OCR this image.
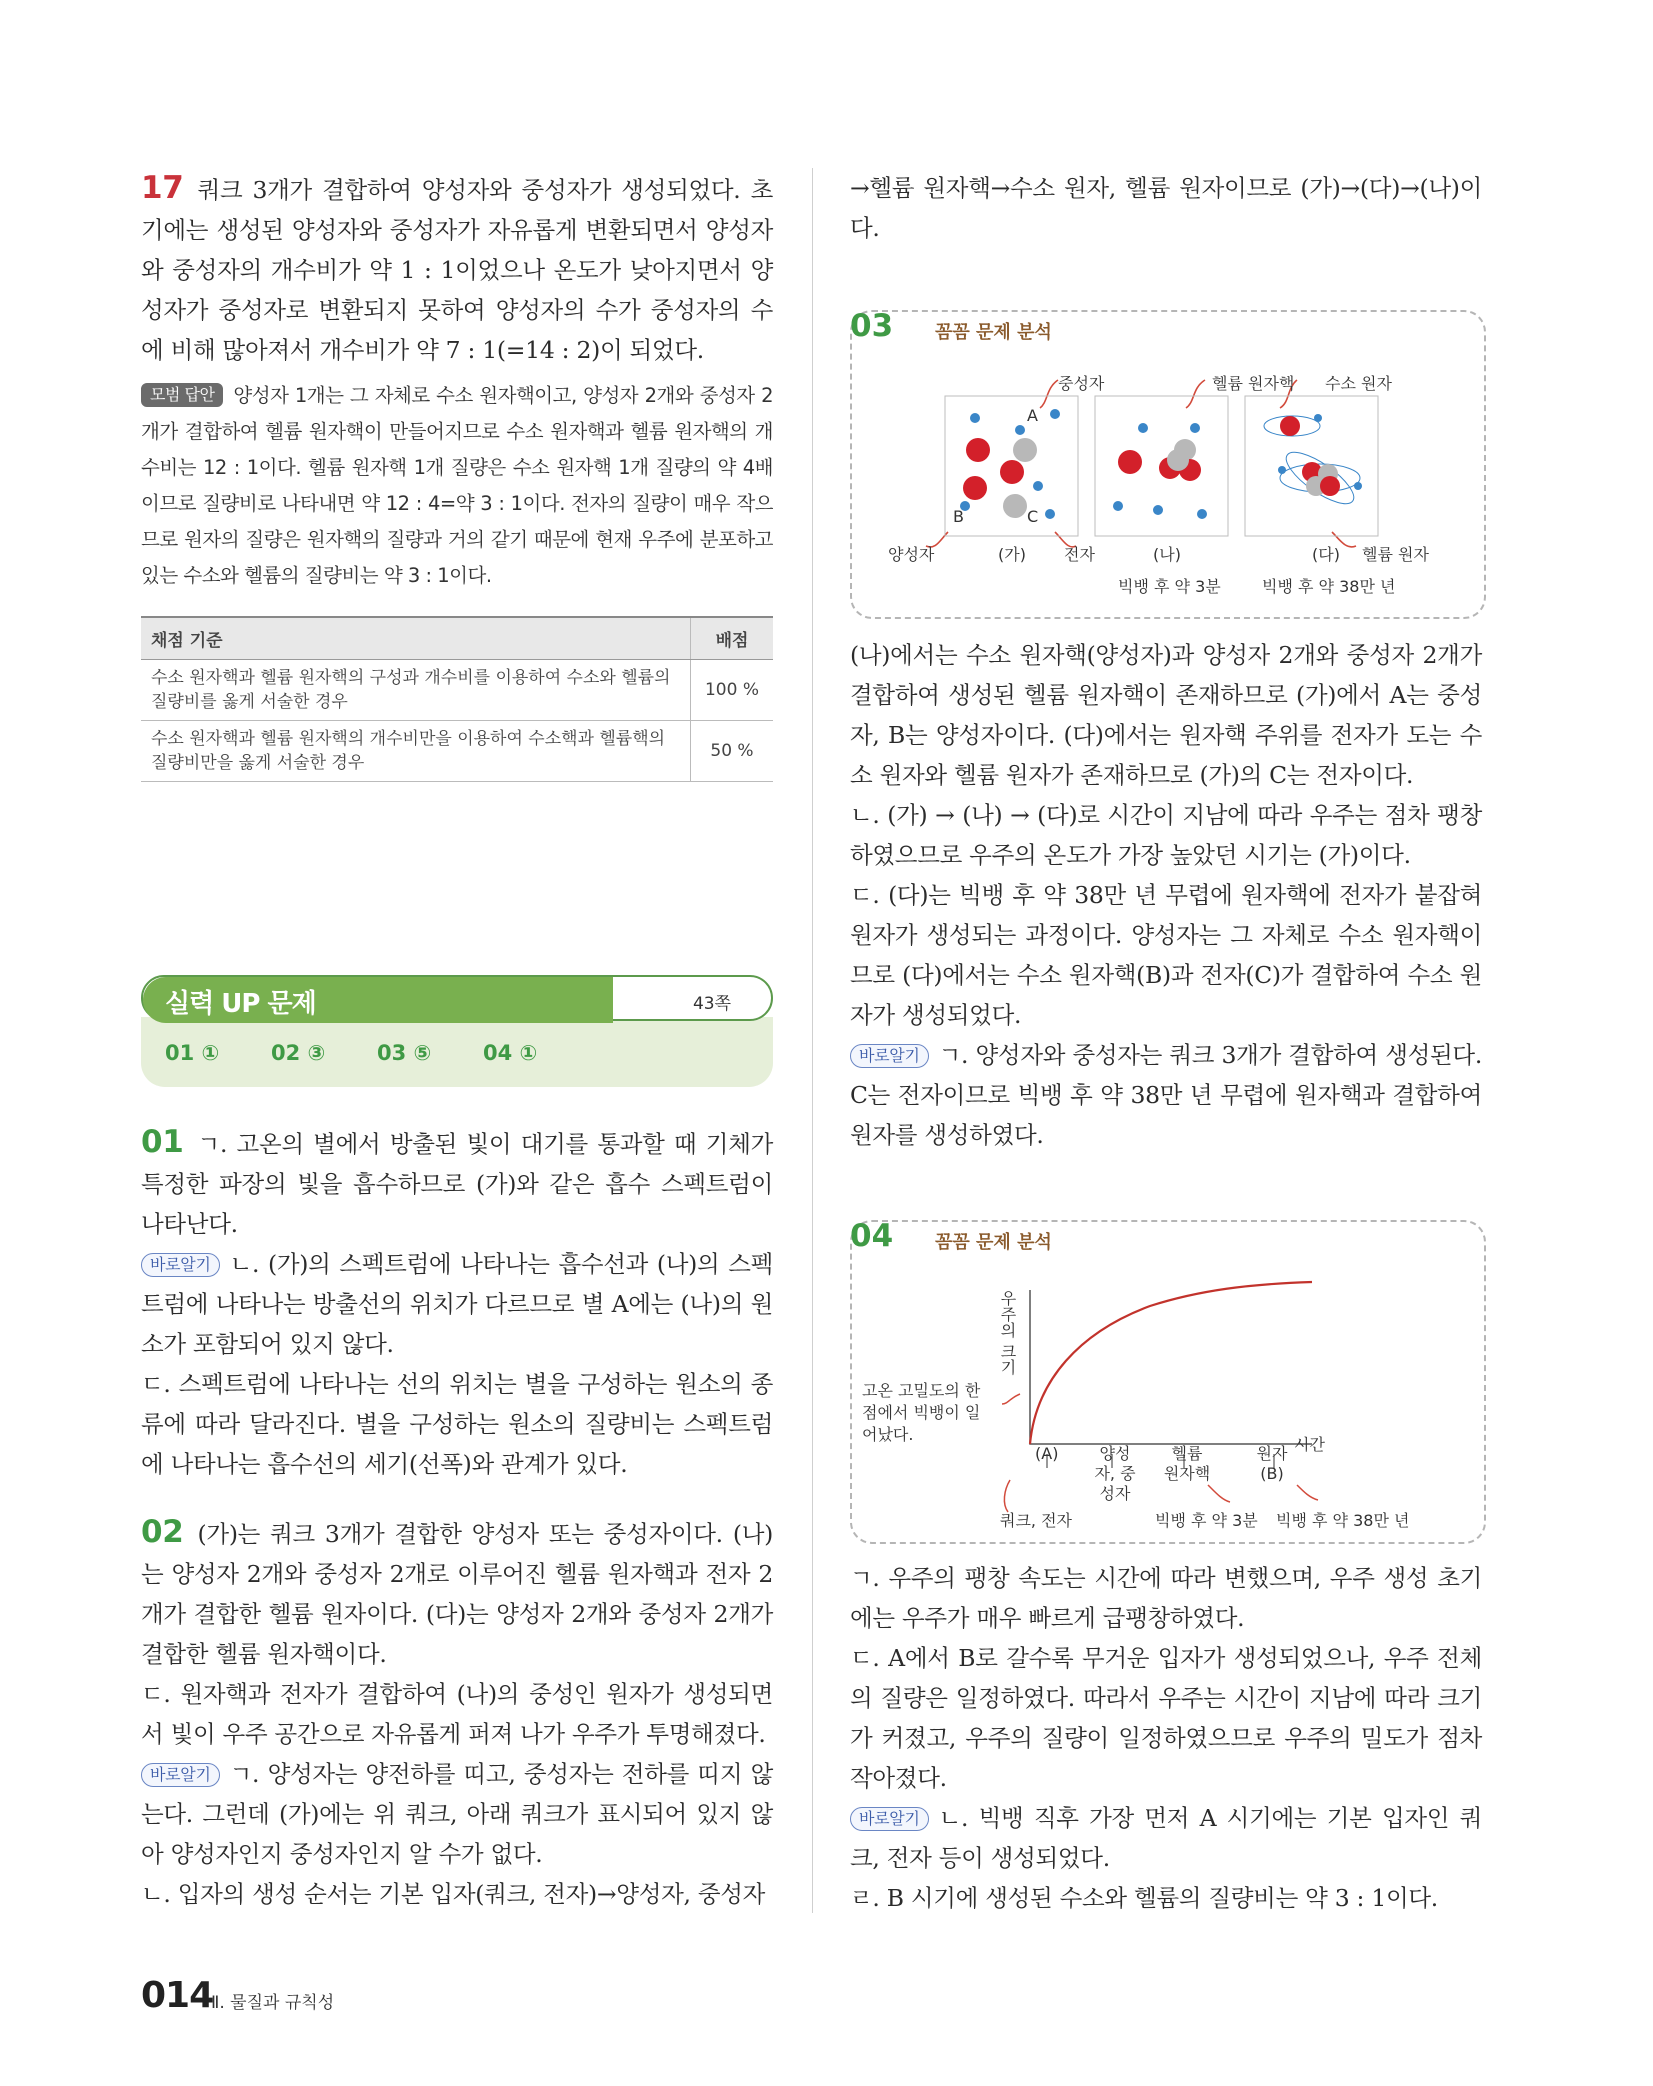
17 쿼크 3개가 결합하여 양성자와 중성자가 생성되었다. 초기에는 생성된 양성자와 중성자가 자유롭게 변환되면서 양성자와 중성자의 개수비가 약 1 : 1이었으나 온도가 낮아지면서 양성자가 중성자로 변환되지 못하여 양성자의 수가 중성자의 수에 비해 많아져서 개수비가 약 7 : 1(=14 : 2)이 되었다.

모범 답안 양성자 1개는 그 자체로 수소 원자핵이고, 양성자 2개와 중성자 2개가 결합하여 헬륨 원자핵이 만들어지므로 수소 원자핵과 헬륨 원자핵의 개수비는 12 : 1이다. 헬륨 원자핵 1개 질량은 수소 원자핵 1개 질량의 약 4배이므로 질량비로 나타내면 약 12 : 4=약 3 : 1이다. 전자의 질량이 매우 작으므로 원자의 질량은 원자핵의 질량과 거의 같기 때문에 현재 우주에 분포하고 있는 수소와 헬륨의 질량비는 약 3 : 1이다.

채점 기준	배점
수소 원자핵과 헬륨 원자핵의 구성과 개수비를 이용하여 수소와 헬륨의 질량비를 옳게 서술한 경우	100 %
수소 원자핵과 헬륨 원자핵의 개수비만을 이용하여 수소핵과 헬륨핵의 질량비만을 옳게 서술한 경우	50 %
01 ① 02 ③ 03 ⑤ 04 ①
실력 UP 문제	43쪽

01 ㄱ. 고온의 별에서 방출된 빛이 대기를 통과할 때 기체가 특정한 파장의 빛을 흡수하므로 (가)와 같은 흡수 스펙트럼이 나타난다.

바로알기 ㄴ. (가)의 스펙트럼에 나타나는 흡수선과 (나)의 스펙트럼에 나타나는 방출선의 위치가 다르므로 별 A에는 (나)의 원소가 포함되어 있지 않다.

ㄷ. 스펙트럼에 나타나는 선의 위치는 별을 구성하는 원소의 종류에 따라 달라진다. 별을 구성하는 원소의 질량비는 스펙트럼에 나타나는 흡수선의 세기(선폭)와 관계가 있다.

02 (가)는 쿼크 3개가 결합한 양성자 또는 중성자이다. (나)는 양성자 2개와 중성자 2개로 이루어진 헬륨 원자핵과 전자 2개가 결합한 헬륨 원자이다. (다)는 양성자 2개와 중성자 2개가 결합한 헬륨 원자핵이다.

ㄷ. 원자핵과 전자가 결합하여 (나)의 중성인 원자가 생성되면서 빛이 우주 공간으로 자유롭게 퍼져 나가 우주가 투명해졌다.

바로알기 ㄱ. 양성자는 양전하를 띠고, 중성자는 전하를 띠지 않는다. 그런데 (가)에는 위 쿼크, 아래 쿼크가 표시되어 있지 않아 양성자인지 중성자인지 알 수가 없다.

ㄴ. 입자의 생성 순서는 기본 입자(쿼크, 전자)→양성자, 중성자

→헬륨 원자핵→수소 원자, 헬륨 원자이므로 (가)→(다)→(나)이다.

03 꼼꼼 문제 분석
중성자	헬륨 원자핵 수소 원자
A
B	C
양성자	(가) 전자	(나)	(다) 헬륨 원자
빅뱅 후 약 3분	빅뱅 후 약 38만 년

(나)에서는 수소 원자핵(양성자)과 양성자 2개와 중성자 2개가 결합하여 생성된 헬륨 원자핵이 존재하므로 (가)에서 A는 중성자, B는 양성자이다. (다)에서는 원자핵 주위를 전자가 도는 수소 원자와 헬륨 원자가 존재하므로 (가)의 C는 전자이다.

ㄴ. (가) → (나) → (다)로 시간이 지남에 따라 우주는 점차 팽창하였으므로 우주의 온도가 가장 높았던 시기는 (가)이다.

ㄷ. (다)는 빅뱅 후 약 38만 년 무렵에 원자핵에 전자가 붙잡혀 원자가 생성되는 과정이다. 양성자는 그 자체로 수소 원자핵이므로 (다)에서는 수소 원자핵(B)과 전자(C)가 결합하여 수소 원자가 생성되었다.

바로알기 ㄱ. 양성자와 중성자는 쿼크 3개가 결합하여 생성된다. C는 전자이므로 빅뱅 후 약 38만 년 무렵에 원자핵과 결합하여 원자를 생성하였다.

04 꼼꼼 문제 분석
우주의 크기
시간
고온 고밀도의 한 점에서 빅뱅이 일어났다.
(A)	양성자, 중성자
헬륨 원자핵
원자 (B)
쿼크, 전자	빅뱅 후 약 3분 빅뱅 후 약 38만 년

ㄱ. 우주의 팽창 속도는 시간에 따라 변했으며, 우주 생성 초기에는 우주가 매우 빠르게 급팽창하였다.

ㄷ. A에서 B로 갈수록 무거운 입자가 생성되었으나, 우주 전체의 질량은 일정하였다. 따라서 우주는 시간이 지남에 따라 크기가 커졌고, 우주의 질량이 일정하였으므로 우주의 밀도가 점차 작아졌다.

바로알기 ㄴ. 빅뱅 직후 가장 먼저 A 시기에는 기본 입자인 쿼크, 전자 등이 생성되었다.

ㄹ. B 시기에 생성된 수소와 헬륨의 질량비는 약 3 : 1이다.

014
Ⅱ. 물질과 규칙성
